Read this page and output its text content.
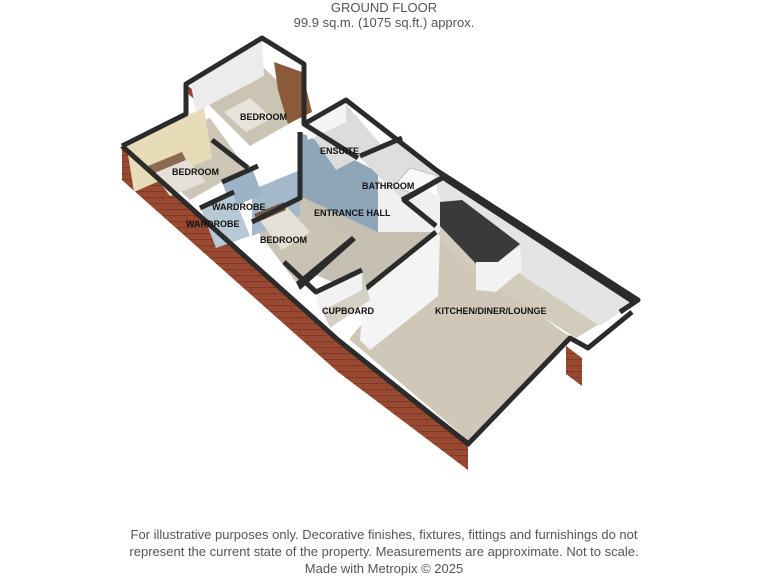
GROUND FLOOR
99.9 sq.m. (1075 sq.ft.) approx.
BEDROOM
BEDROOM
ENSUITE
BATHROOM
WARDROBE
WARDROBE
ENTRANCE HALL
BEDROOM
CUPBOARD	KITCHEN/DINER/LOUNGE
For illustrative purposes only. Decorative finishes, fixtures, fittings and furnishings do not
represent the current state of the property. Measurements are approximate. Not to scale.
Made with Metropix © 2025
